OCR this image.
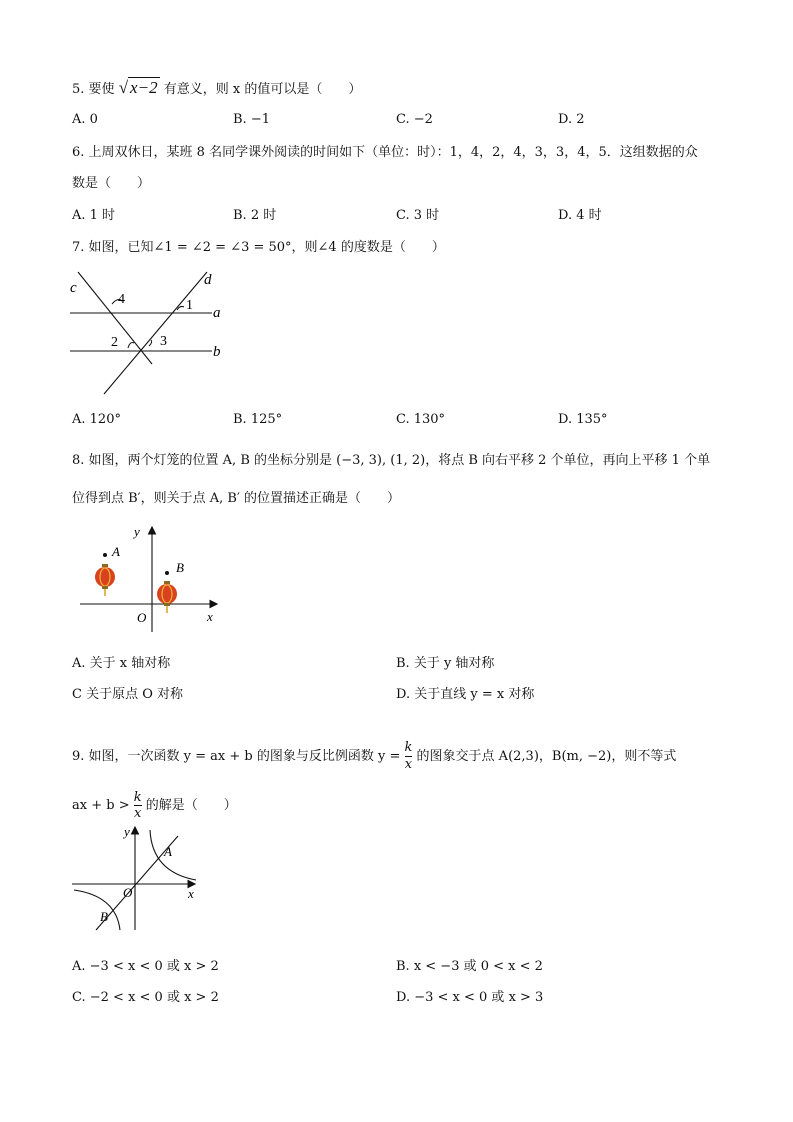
5. 要使 √ x−2 有意义，则 x 的值可以是（　　）
A. 0	B. −1	C. −2	D. 2
6. 上周双休日，某班 8 名同学课外阅读的时间如下（单位：时）：1，4，2，4，3，3，4，5．这组数据的众
数是（　　）
A. 1 时	B. 2 时	C. 3 时	D. 4 时
7. 如图，已知∠1 = ∠2 = ∠3 = 50°，则∠4 的度数是（　　）
c	d
a
b
1
2	3
4
A. 120°	B. 125°	C. 130°	D. 135°
8. 如图，两个灯笼的位置 A, B 的坐标分别是 (−3, 3), (1, 2)，将点 B 向右平移 2 个单位，再向上平移 1 个单
位得到点 B′，则关于点 A, B′ 的位置描述正确是（　　）
y
x
O
A
B
A. 关于 x 轴对称	B. 关于 y 轴对称
C 关于原点 O 对称	D. 关于直线 y = x 对称
9. 如图，一次函数 y = ax + b 的图象与反比例函数 $y = \frac{k}{x}$ 的图象交于点 A(2,3)，B(m, −2)，则不等式
ax + $b > \frac{k}{x}$ 的解是（　　）
y
x
O
A
B
A. −3 < x < 0 或 x > 2	B. x < −3 或 0 < x < 2
C. −2 < x < 0 或 x > 2	D. −3 < x < 0 或 x > 3
